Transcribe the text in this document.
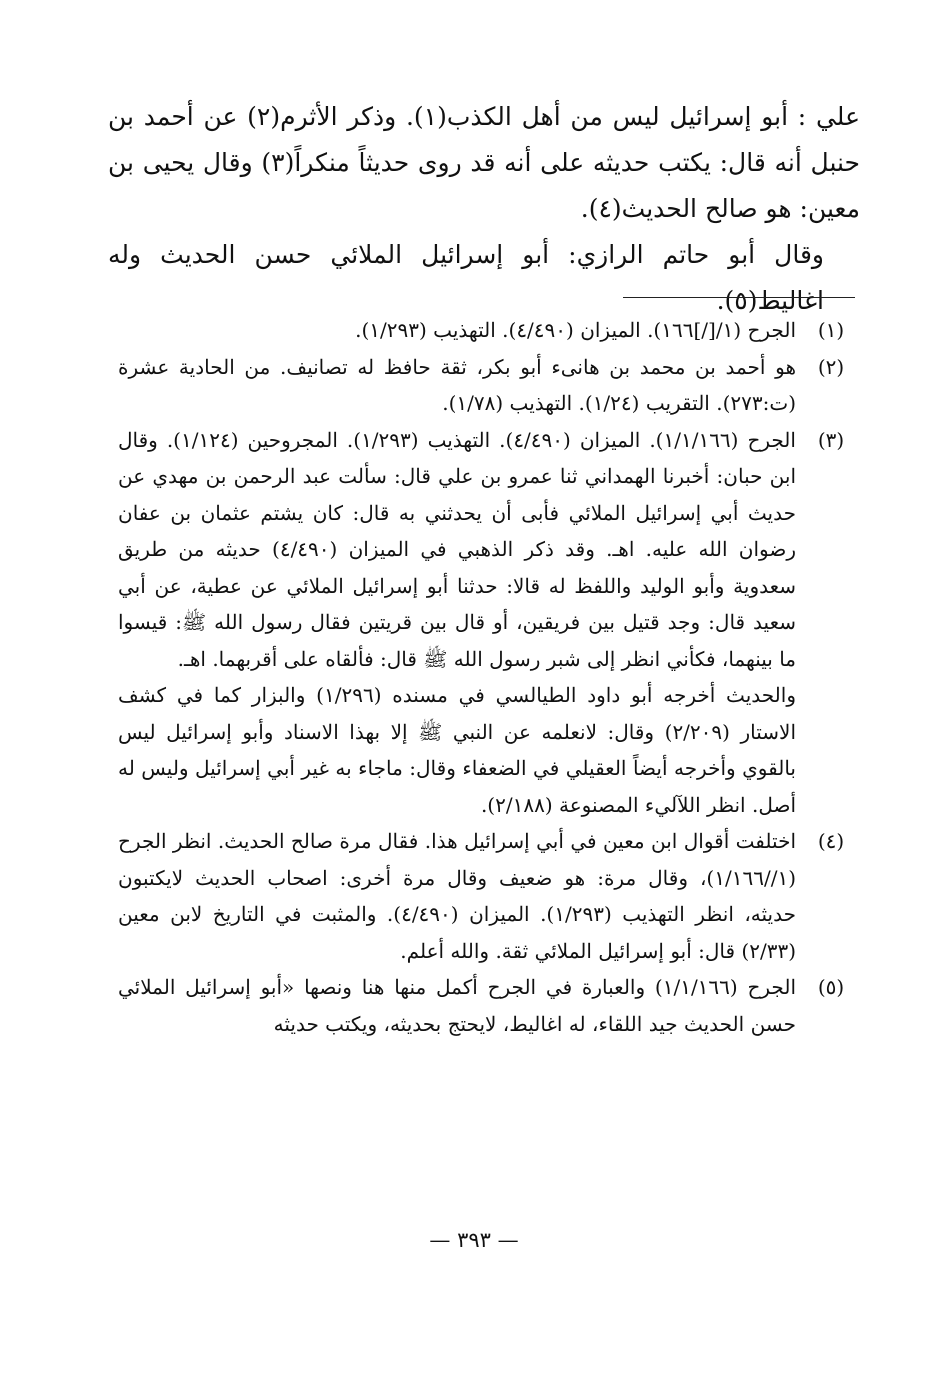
علي : أبو إسرائيل ليس من أهل الكذب(١). وذكر الأثرم(٢) عن أحمد بن حنبل أنه قال: يكتب حديثه على أنه قد روى حديثاً منكراً(٣) وقال يحيى بن معين: هو صالح الحديث(٤).

وقال أبو حاتم الرازي: أبو إسرائيل الملائي حسن الحديث وله اغاليط(٥).

(١)

الجرح (١/[/]١٦٦). الميزان (٤/٤٩٠). التهذيب (١/٢٩٣).

(٢)

هو أحمد بن محمد بن هانىء أبو بكر، ثقة حافظ له تصانيف. من الحادية عشرة (ت:٢٧٣). التقريب (١/٢٤). التهذيب (١/٧٨).

(٣)

الجرح (١/١/١٦٦). الميزان (٤/٤٩٠). التهذيب (١/٢٩٣). المجروحين (١/١٢٤). وقال ابن حبان: أخبرنا الهمداني ثنا عمرو بن علي قال: سألت عبد الرحمن بن مهدي عن حديث أبي إسرائيل الملائي فأبى أن يحدثني به قال: كان يشتم عثمان بن عفان رضوان الله عليه. اهـ. وقد ذكر الذهبي في الميزان (٤/٤٩٠) حديثه من طريق سعدوية وأبو الوليد واللفظ له قالا: حدثنا أبو إسرائيل الملائي عن عطية، عن أبي سعيد قال: وجد قتيل بين فريقين، أو قال بين قريتين فقال رسول الله ﷺ: قيسوا ما بينهما، فكأني انظر إلى شبر رسول الله ﷺ قال: فألقاه على أقربهما. اهـ.

والحديث أخرجه أبو داود الطيالسي في مسنده (١/٢٩٦) والبزار كما في كشف الاستار (٢/٢٠٩) وقال: لانعلمه عن النبي ﷺ إلا بهذا الاسناد وأبو إسرائيل ليس بالقوي وأخرجه أيضاً العقيلي في الضعفاء وقال: ماجاء به غير أبي إسرائيل وليس له أصل. انظر اللآليء المصنوعة (٢/١٨٨).

(٤)

اختلفت أقوال ابن معين في أبي إسرائيل هذا. فقال مرة صالح الحديث. انظر الجرح (١//١/١٦٦)، وقال مرة: هو ضعيف وقال مرة أخرى: اصحاب الحديث لايكتبون حديثه، انظر التهذيب (١/٢٩٣). الميزان (٤/٤٩٠). والمثبت في التاريخ لابن معين (٢/٣٣) قال: أبو إسرائيل الملائي ثقة. والله أعلم.

(٥)

الجرح (١/١/١٦٦) والعبارة في الجرح أكمل منها هنا ونصها «أبو إسرائيل الملائي حسن الحديث جيد اللقاء، له اغاليط، لايحتج بحديثه، ويكتب حديثه

— ٣٩٣ —
